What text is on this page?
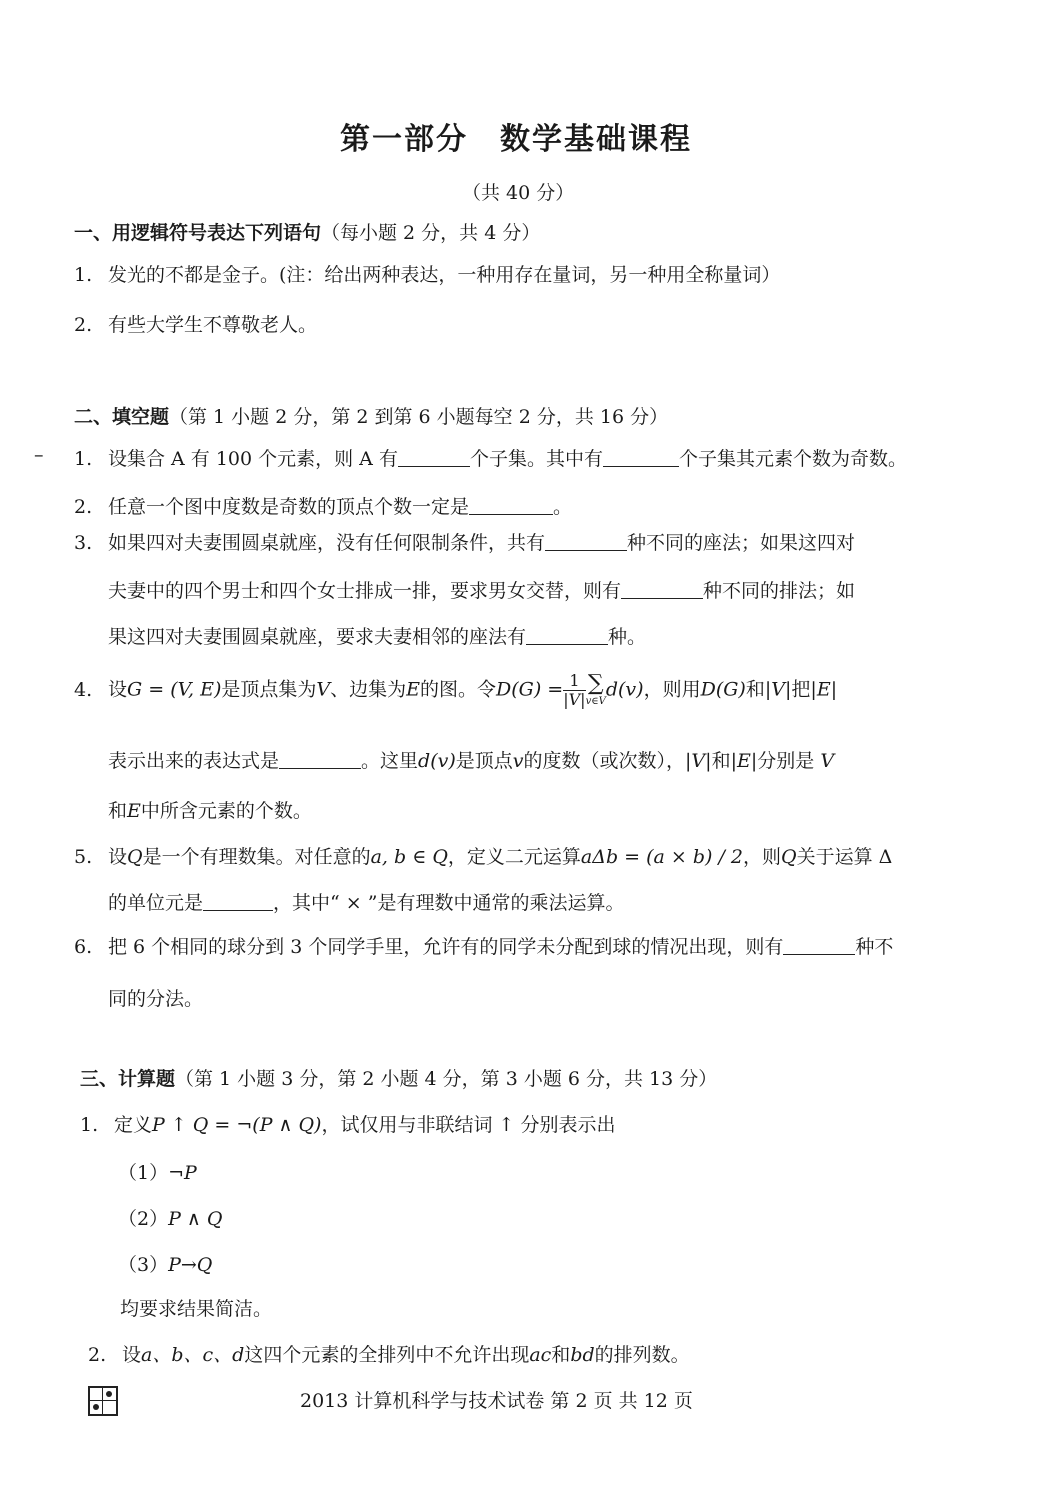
第一部分　数学基础课程
（共 40 分）
一、用逻辑符号表达下列语句（每小题 2 分，共 4 分）
1. 发光的不都是金子。(注：给出两种表达，一种用存在量词，另一种用全称量词）
2. 有些大学生不尊敬老人。
二、填空题（第 1 小题 2 分，第 2 到第 6 小题每空 2 分，共 16 分）
– 1. 设集合 A 有 100 个元素，则 A 有	个子集。其中有	个子集其元素个数为奇数。
2. 任意一个图中度数是奇数的顶点个数一定是	。
3. 如果四对夫妻围圆桌就座，没有任何限制条件，共有	种不同的座法；如果这四对
夫妻中的四个男士和四个女士排成一排，要求男女交替，则有	种不同的排法；如
果这四对夫妻围圆桌就座，要求夫妻相邻的座法有	种。
4. 设G = (V, E)是顶点集为V、边集为E的图。令$D(G) = \frac{1}{|V|}$ ∑
v∈V
d(v)，则用D(G)和|V|把|E|
表示出来的表达式是	。这里d(v)是顶点v的度数（或次数），|V|和|E|分别是 V
和E中所含元素的个数。
5. 设Q是一个有理数集。对任意的a, b ∈ Q，定义二元运算aΔb = (a × b) / 2，则Q关于运算 Δ
的单位元是	，其中“ × ”是有理数中通常的乘法运算。
6. 把 6 个相同的球分到 3 个同学手里，允许有的同学未分配到球的情况出现，则有	种不
同的分法。
三、计算题（第 1 小题 3 分，第 2 小题 4 分，第 3 小题 6 分，共 13 分）
1. 定义P ↑ Q = ¬(P ∧ Q)，试仅用与非联结词 ↑ 分别表示出
（1）¬P
（2）P ∧ Q
（3）P→Q
均要求结果简洁。
2. 设a、b、c、d这四个元素的全排列中不允许出现ac和bd的排列数。
2013 计算机科学与技术试卷 第 2 页 共 12 页
